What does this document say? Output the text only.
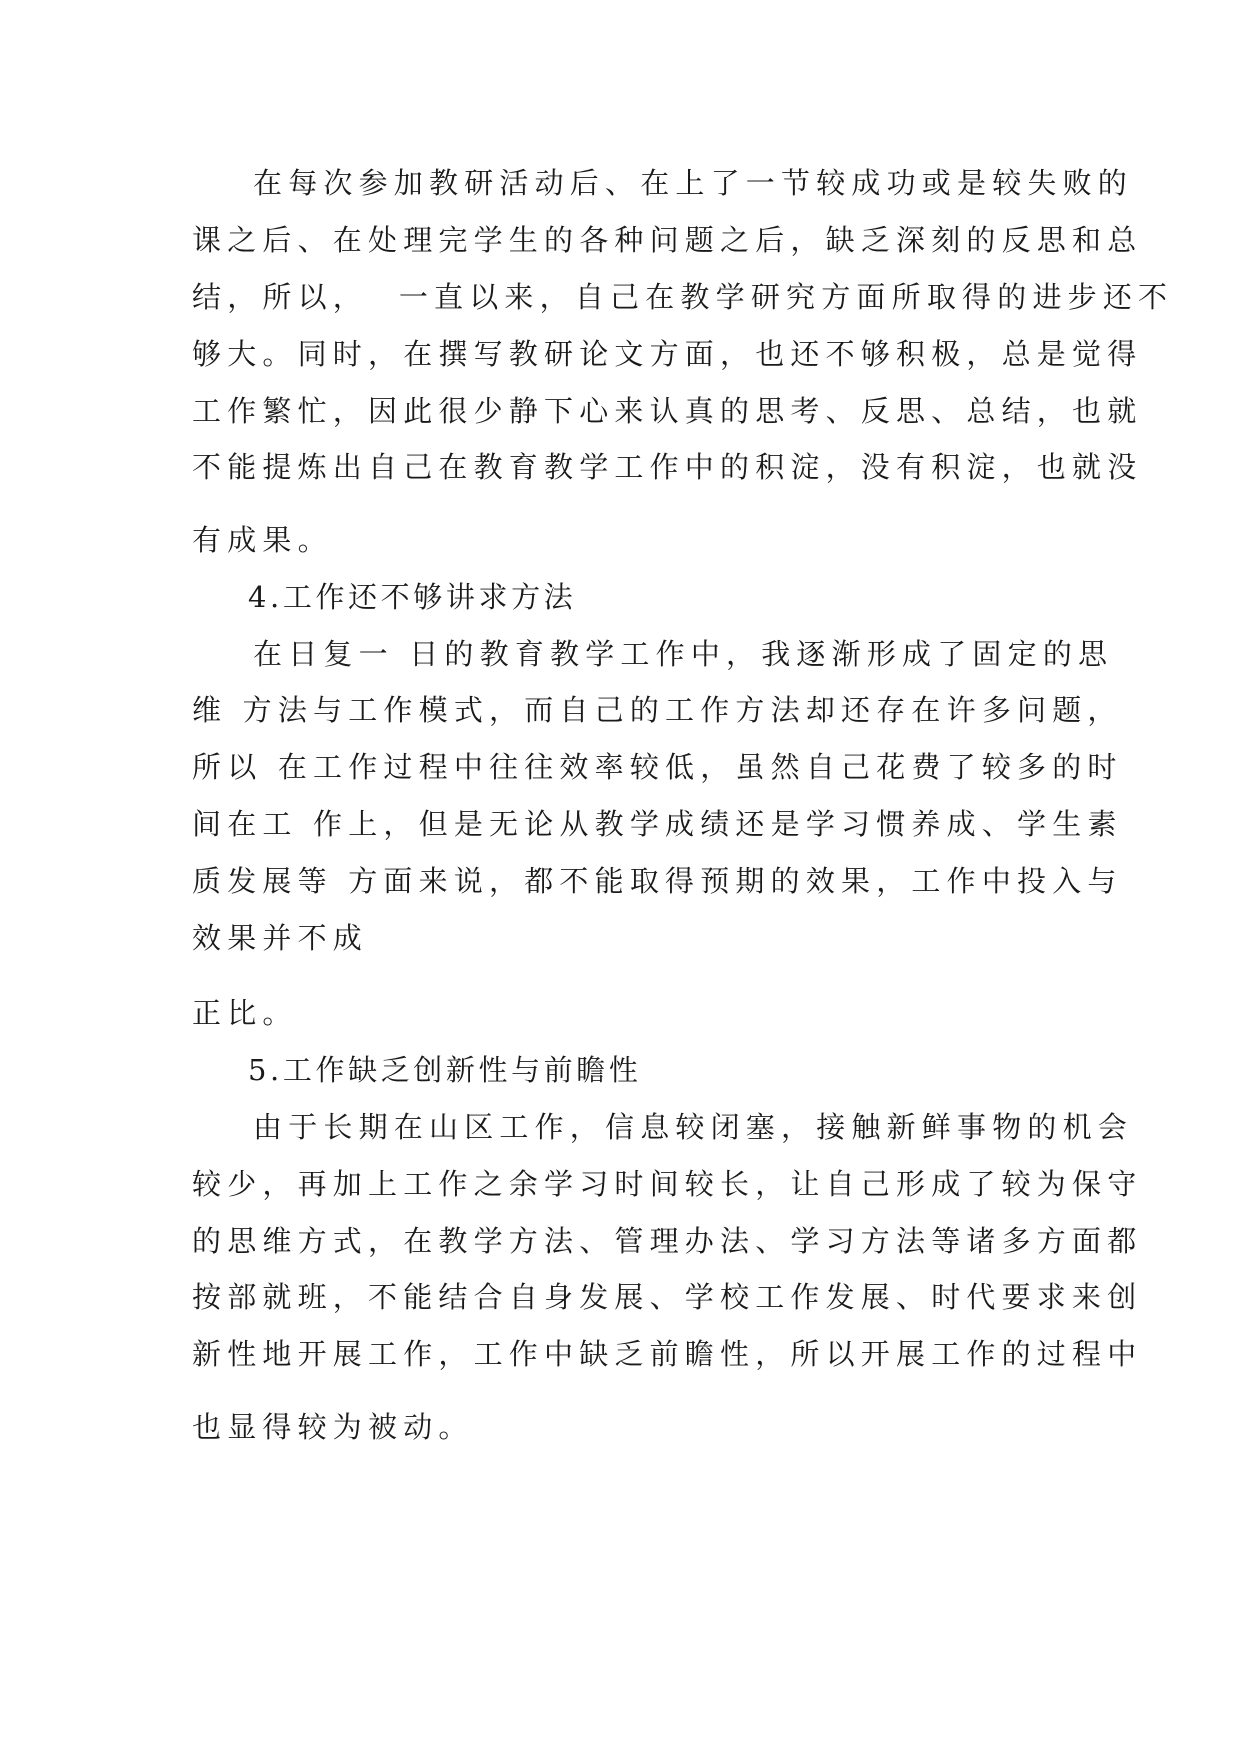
在每次参加教研活动后、在上了一节较成功或是较失败的
课之后、在处理完学生的各种问题之后，缺乏深刻的反思和总
结，所以，  一直以来，自己在教学研究方面所取得的进步还不
够大。同时，在撰写教研论文方面，也还不够积极，总是觉得
工作繁忙，因此很少静下心来认真的思考、反思、总结，也就
不能提炼出自己在教育教学工作中的积淀，没有积淀，也就没
有成果。
4.工作还不够讲求方法
在日复一 日的教育教学工作中，我逐渐形成了固定的思
维 方法与工作模式，而自己的工作方法却还存在许多问题，
所以 在工作过程中往往效率较低，虽然自己花费了较多的时
间在工 作上，但是无论从教学成绩还是学习惯养成、学生素
质发展等 方面来说，都不能取得预期的效果，工作中投入与
效果并不成
正比。
5.工作缺乏创新性与前瞻性
由于长期在山区工作，信息较闭塞，接触新鲜事物的机会
较少，再加上工作之余学习时间较长，让自己形成了较为保守
的思维方式，在教学方法、管理办法、学习方法等诸多方面都
按部就班，不能结合自身发展、学校工作发展、时代要求来创
新性地开展工作，工作中缺乏前瞻性，所以开展工作的过程中
也显得较为被动。
